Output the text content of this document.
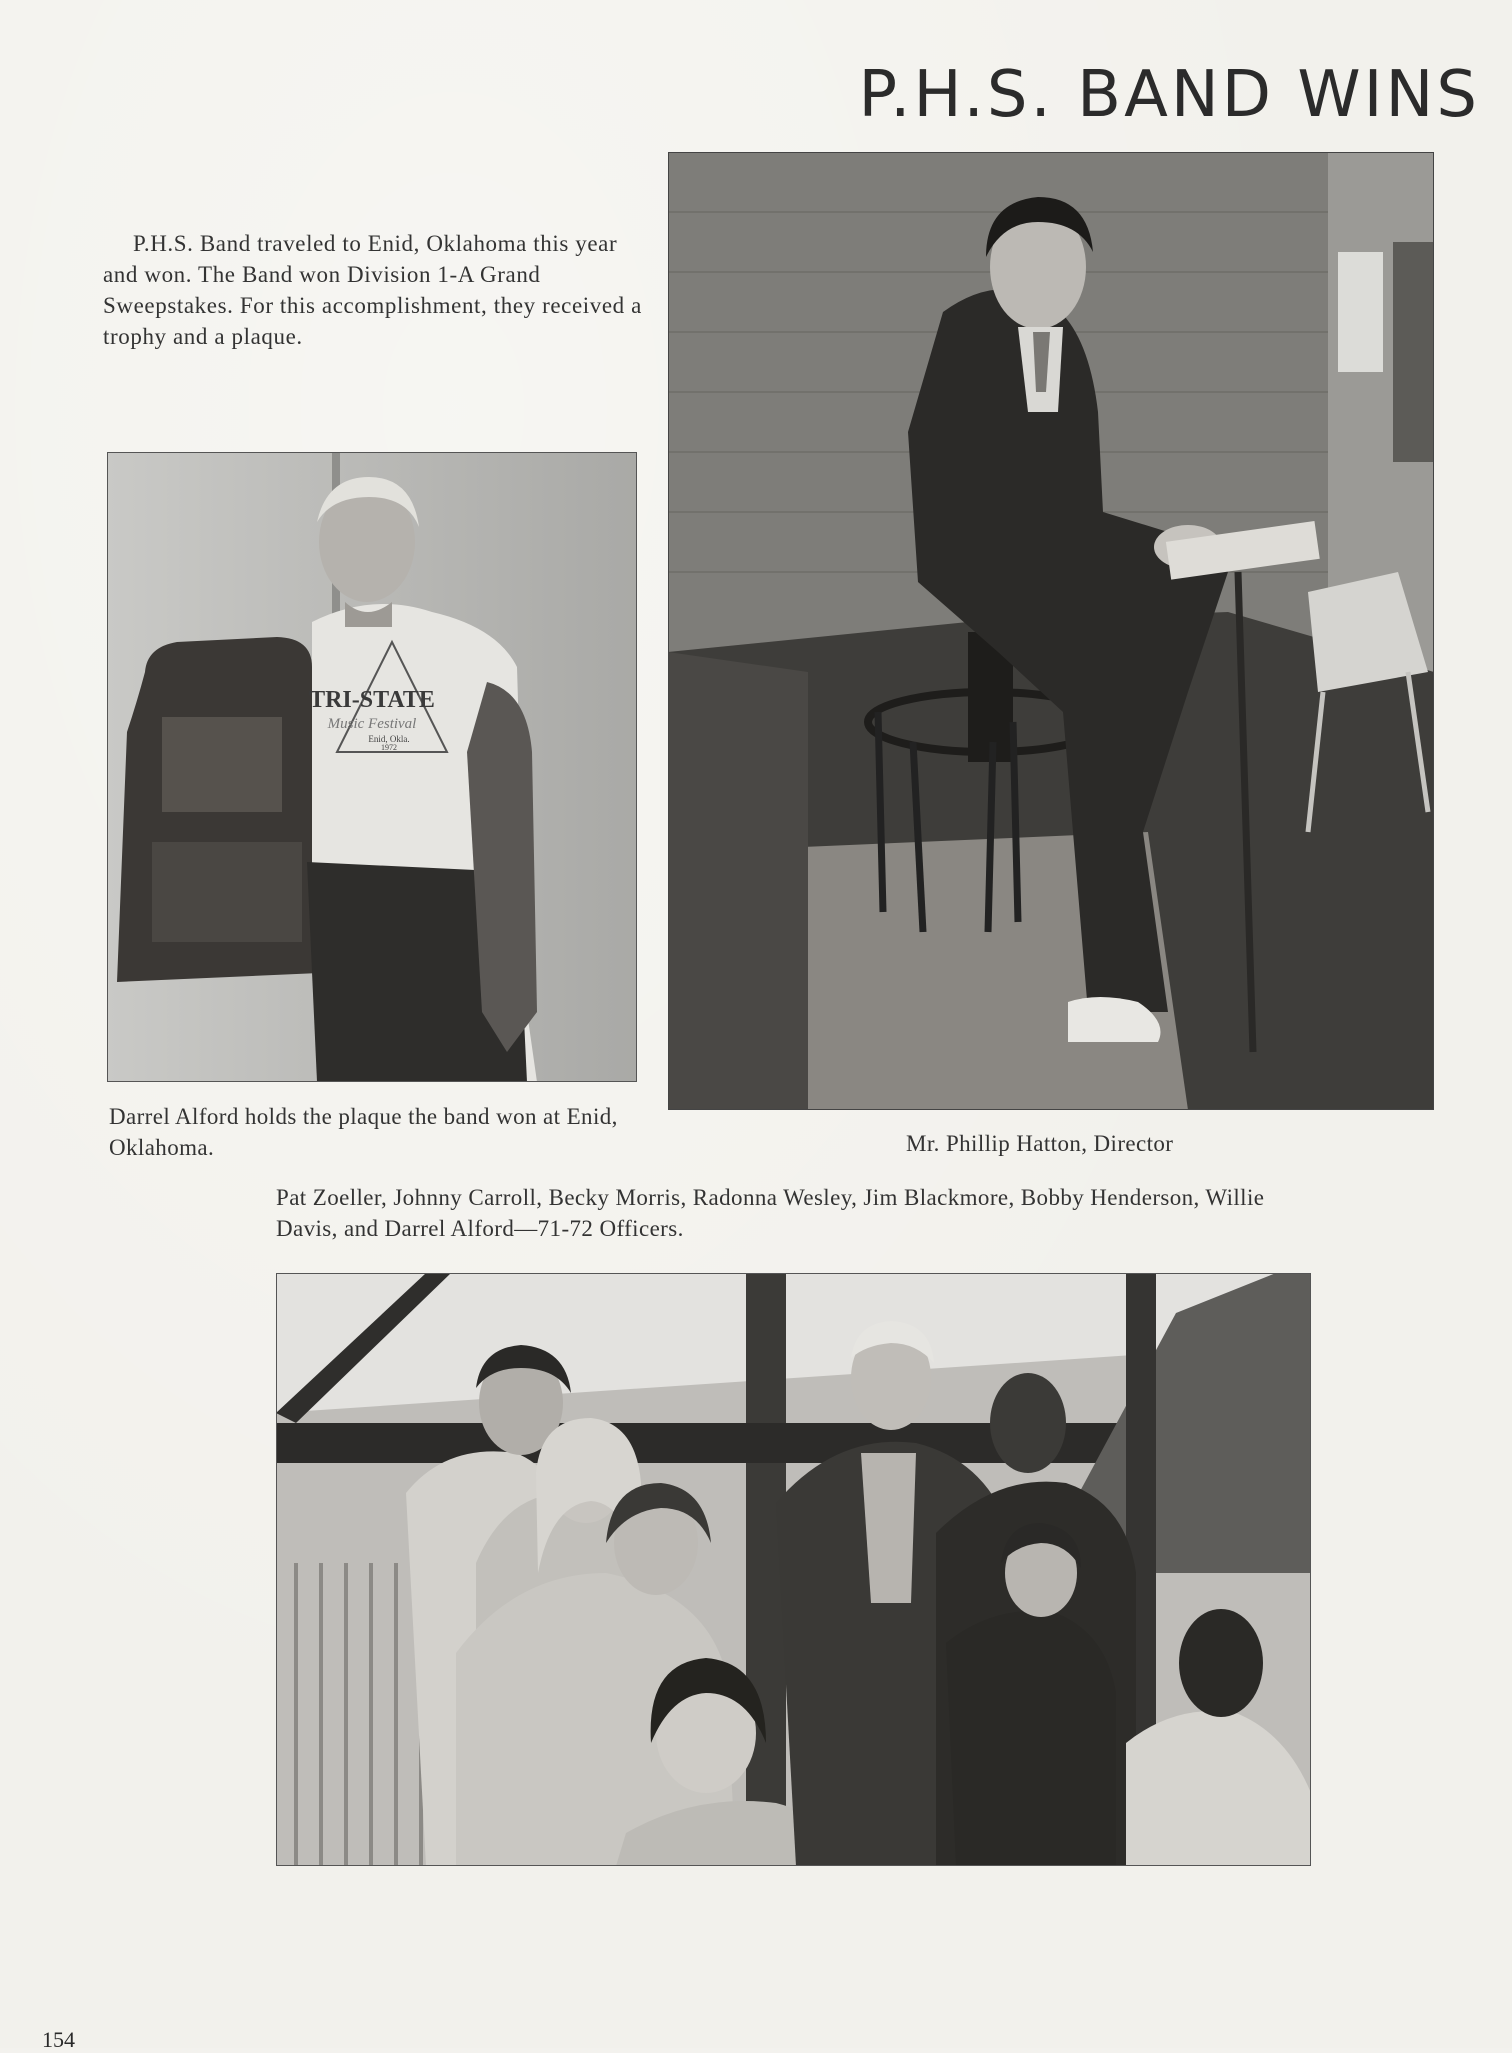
P.H.S. BAND WINS
P.H.S. Band traveled to Enid, Oklahoma this year and won. The Band won Division 1-A Grand Sweepstakes. For this accomplishment, they received a trophy and a plaque.
TRI-STATE
Music Festival
Enid, Okla.
1972
Darrel Alford holds the plaque the band won at Enid, Oklahoma.	Mr. Phillip Hatton, Director
Pat Zoeller, Johnny Carroll, Becky Morris, Radonna Wesley, Jim Blackmore, Bobby Henderson, Willie Davis, and Darrel Alford—71-72 Officers.
154
